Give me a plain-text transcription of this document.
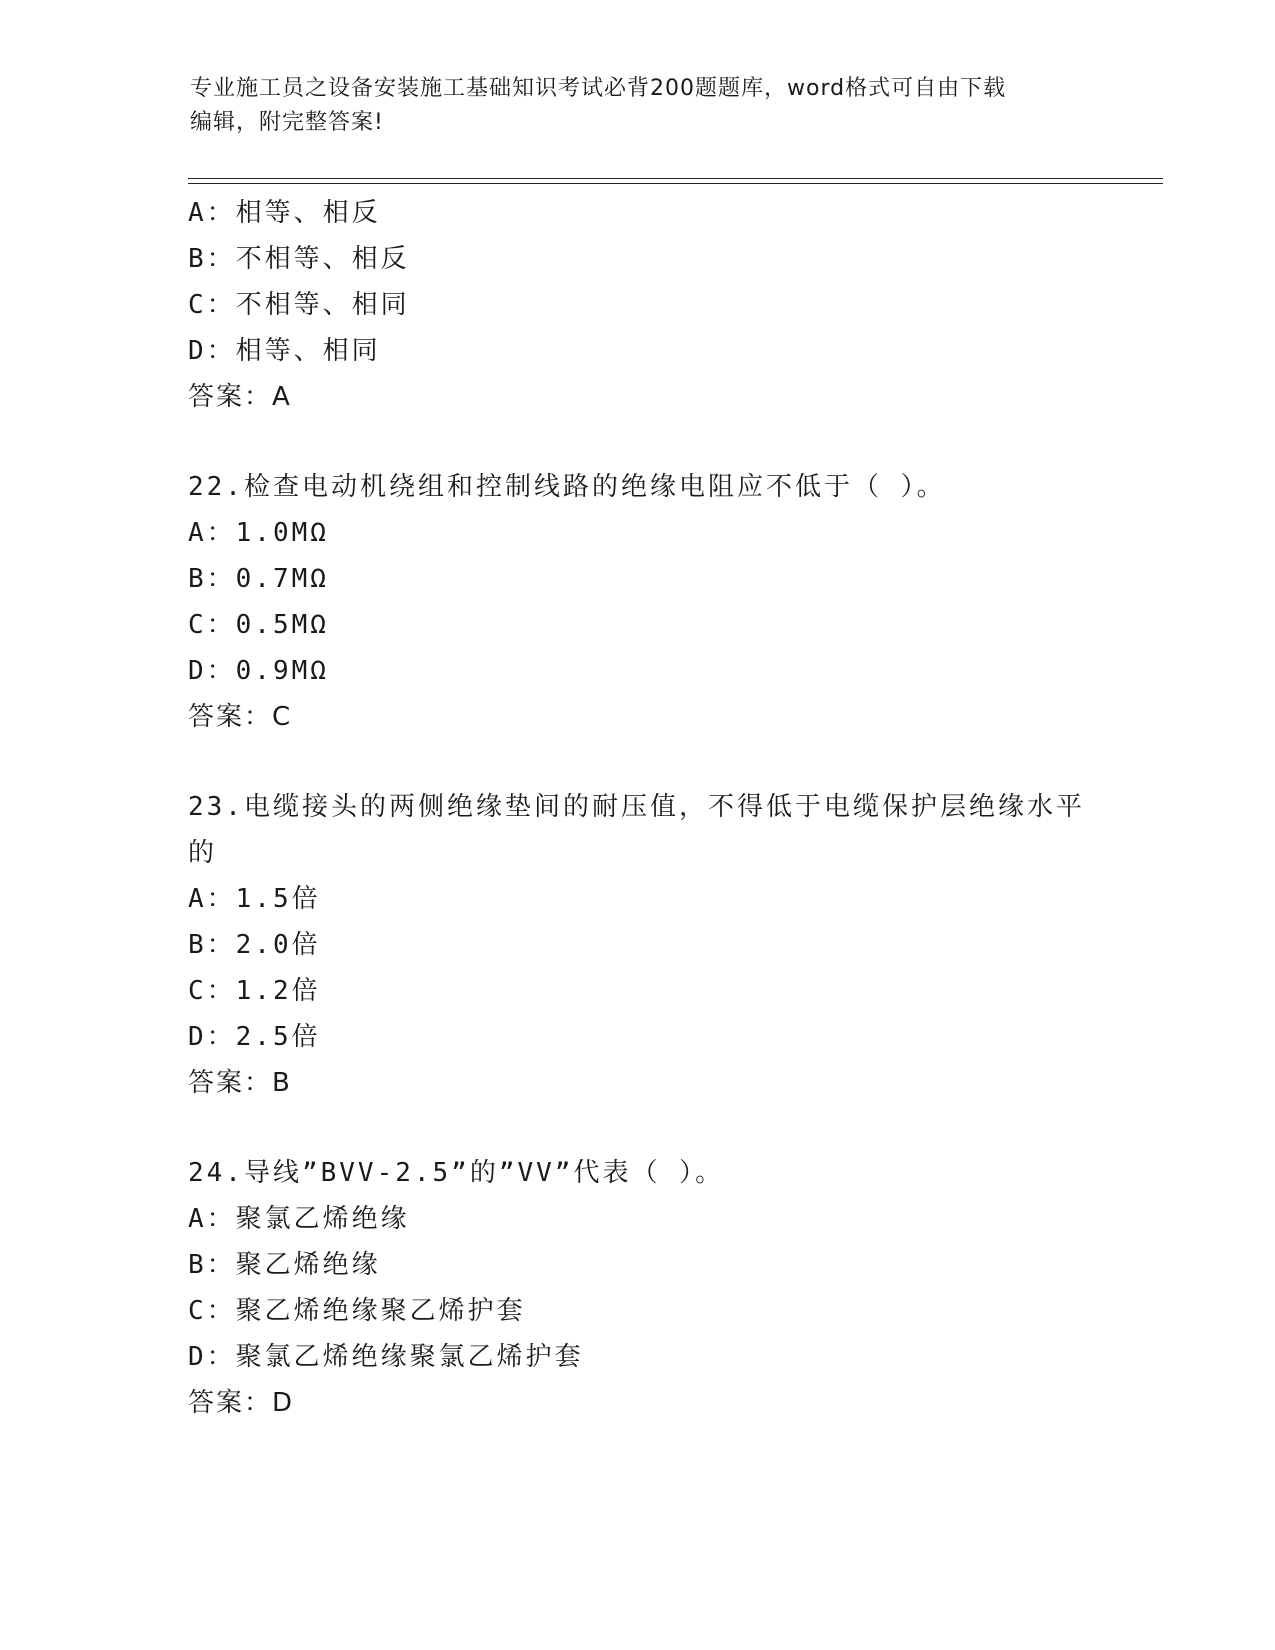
专业施工员之设备安装施工基础知识考试必背200题题库，word格式可自由下载
编辑，附完整答案!
A：相等、相反
B：不相等、相反
C：不相等、相同
D：相等、相同
答案：A
22.检查电动机绕组和控制线路的绝缘电阻应不低于（ ）。
A：1.0MΩ
B：0.7MΩ
C：0.5MΩ
D：0.9MΩ
答案：C
23.电缆接头的两侧绝缘垫间的耐压值，不得低于电缆保护层绝缘水平
的
A：1.5倍
B：2.0倍
C：1.2倍
D：2.5倍
答案：B
24.导线”BVV-2.5”的”VV”代表（ ）。
A：聚氯乙烯绝缘
B：聚乙烯绝缘
C：聚乙烯绝缘聚乙烯护套
D：聚氯乙烯绝缘聚氯乙烯护套
答案：D
